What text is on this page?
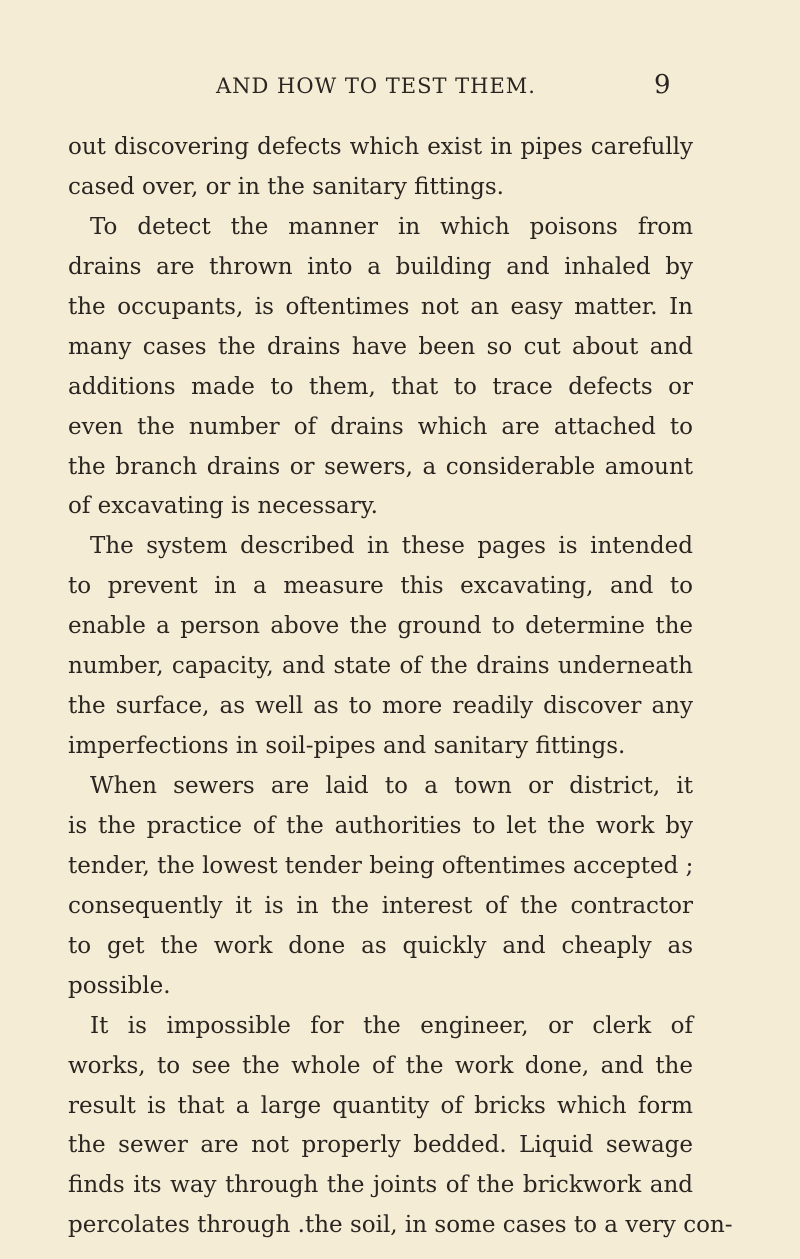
AND HOW TO TEST THEM.	9
out discovering defects which exist in pipes carefully
cased over, or in the sanitary fittings.
To detect the manner in which poisons from
drains are thrown into a building and inhaled by
the occupants, is oftentimes not an easy matter. In
many cases the drains have been so cut about and
additions made to them, that to trace defects or
even the number of drains which are attached to
the branch drains or sewers, a considerable amount
of excavating is necessary.
The system described in these pages is intended
to prevent in a measure this excavating, and to
enable a person above the ground to determine the
number, capacity, and state of the drains underneath
the surface, as well as to more readily discover any
imperfections in soil-pipes and sanitary fittings.
When sewers are laid to a town or district, it
is the practice of the authorities to let the work by
tender, the lowest tender being oftentimes accepted ;
consequently it is in the interest of the contractor
to get the work done as quickly and cheaply as
possible.
It is impossible for the engineer, or clerk of
works, to see the whole of the work done, and the
result is that a large quantity of bricks which form
the sewer are not properly bedded. Liquid sewage
finds its way through the joints of the brickwork and
percolates through .the soil, in some cases to a very con-
